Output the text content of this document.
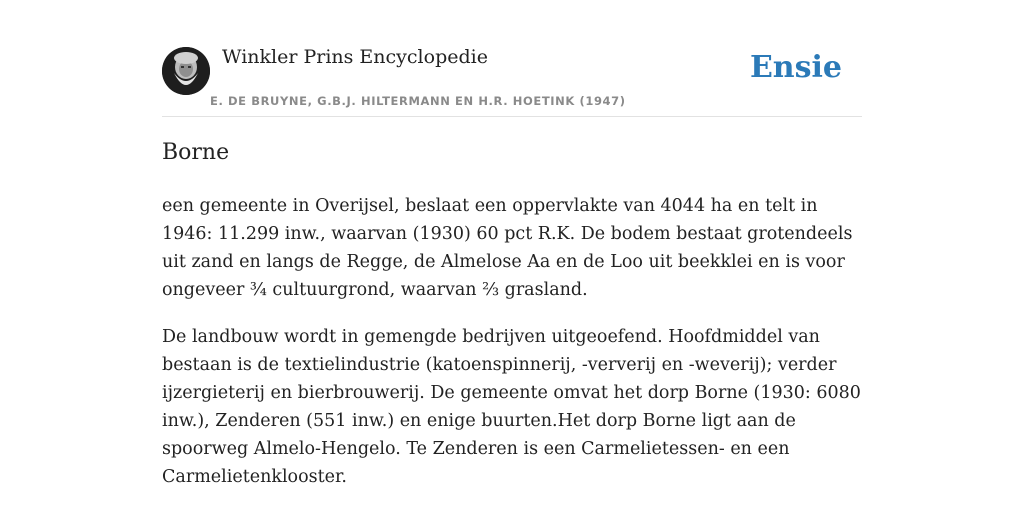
Winkler Prins Encyclopedie
E. DE BRUYNE, G.B.J. HILTERMANN EN H.R. HOETINK (1947)
Ensie
Borne

een gemeente in Overijsel, beslaat een oppervlakte van 4044 ha en telt in 1946: 11.299 inw., waarvan (1930) 60 pct R.K. De bodem bestaat grotendeels uit zand en langs de Regge, de Almelose Aa en de Loo uit beekklei en is voor ongeveer ¾ cultuurgrond, waarvan ⅔ grasland.

De landbouw wordt in gemengde bedrijven uitgeoefend. Hoofdmiddel van bestaan is de textielindustrie (katoenspinnerij, -ververij en -weverij); verder ijzergieterij en bierbrouwerij. De gemeente omvat het dorp Borne (1930: 6080 inw.), Zenderen (551 inw.) en enige buurten.Het dorp Borne ligt aan de spoorweg Almelo-Hengelo. Te Zenderen is een Carmelietessen- en een Carmelietenklooster.
